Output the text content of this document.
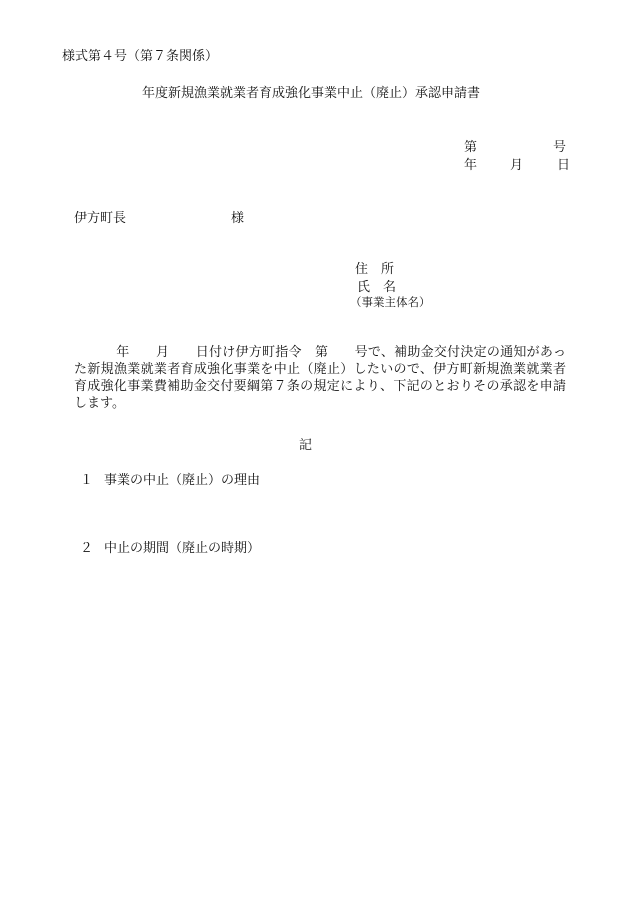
様式第４号（第７条関係）
年度新規漁業就業者育成強化事業中止（廃止）承認申請書
第	号
年	月	日
伊方町長	様
住　所
氏　名
（事業主体名）
年　　月　　日付け伊方町指令　第　　号で、補助金交付決定の通知があった新規漁業就業者育成強化事業を中止（廃止）したいので、伊方町新規漁業就業者育成強化事業費補助金交付要綱第７条の規定により、下記のとおりその承認を申請します。
記
１ 事業の中止（廃止）の理由
２ 中止の期間（廃止の時期）
